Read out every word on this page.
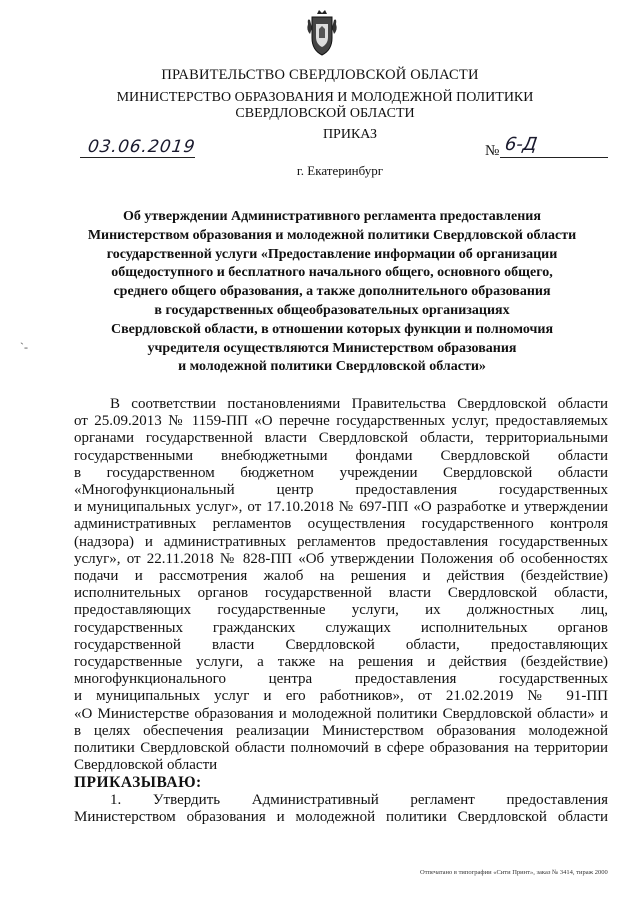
ПРАВИТЕЛЬСТВО СВЕРДЛОВСКОЙ ОБЛАСТИ
МИНИСТЕРСТВО ОБРАЗОВАНИЯ И МОЛОДЕЖНОЙ ПОЛИТИКИ
СВЕРДЛОВСКОЙ ОБЛАСТИ
ПРИКАЗ
03.06.2019	№ 6-Д
г. Екатеринбург
Об утверждении Административного регламента предоставления
Министерством образования и молодежной политики Свердловской области
государственной услуги «Предоставление информации об организации
общедоступного и бесплатного начального общего, основного общего,
среднего общего образования, а также дополнительного образования
в государственных общеобразовательных организациях
Свердловской области, в отношении которых функции и полномочия
учредителя осуществляются Министерством образования
и молодежной политики Свердловской области»
`-
В соответствии постановлениями Правительства Свердловской области
от 25.09.2013 № 1159-ПП «О перечне государственных услуг, предоставляемых
органами государственной власти Свердловской области, территориальными
государственными внебюджетными фондами Свердловской области
в государственном бюджетном учреждении Свердловской области
«Многофункциональный центр предоставления государственных
и муниципальных услуг», от 17.10.2018 № 697-ПП «О разработке и утверждении
административных регламентов осуществления государственного контроля
(надзора) и административных регламентов предоставления государственных
услуг», от 22.11.2018 № 828-ПП «Об утверждении Положения об особенностях
подачи и рассмотрения жалоб на решения и действия (бездействие)
исполнительных органов государственной власти Свердловской области,
предоставляющих государственные услуги, их должностных лиц,
государственных гражданских служащих исполнительных органов
государственной власти Свердловской области, предоставляющих
государственные услуги, а также на решения и действия (бездействие)
многофункционального центра предоставления государственных
и муниципальных услуг и его работников», от 21.02.2019 № 91-ПП
«О Министерстве образования и молодежной политики Свердловской области» и
в целях обеспечения реализации Министерством образования молодежной
политики Свердловской области полномочий в сфере образования на территории
Свердловской области
ПРИКАЗЫВАЮ:
1. Утвердить Административный регламент предоставления
Министерством образования и молодежной политики Свердловской области
Отпечатано в типографии «Сити Принт», заказ № 3414, тираж 2000
